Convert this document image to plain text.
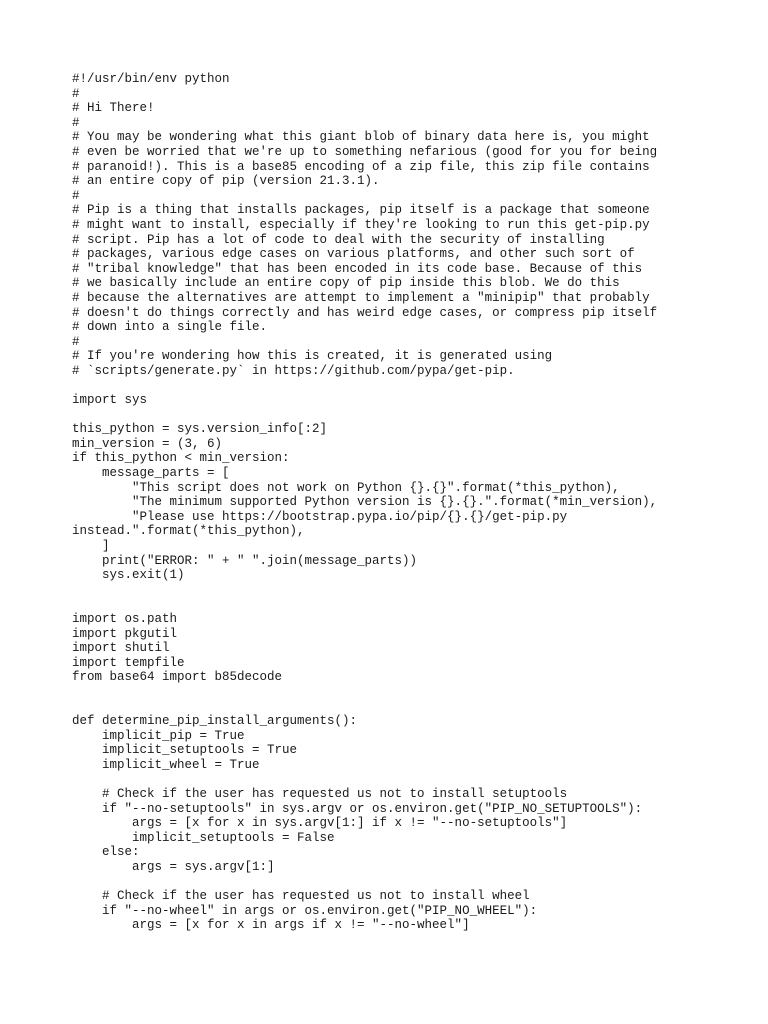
#!/usr/bin/env python
#
# Hi There!
#
# You may be wondering what this giant blob of binary data here is, you might
# even be worried that we're up to something nefarious (good for you for being
# paranoid!). This is a base85 encoding of a zip file, this zip file contains
# an entire copy of pip (version 21.3.1).
#
# Pip is a thing that installs packages, pip itself is a package that someone
# might want to install, especially if they're looking to run this get-pip.py
# script. Pip has a lot of code to deal with the security of installing
# packages, various edge cases on various platforms, and other such sort of
# "tribal knowledge" that has been encoded in its code base. Because of this
# we basically include an entire copy of pip inside this blob. We do this
# because the alternatives are attempt to implement a "minipip" that probably
# doesn't do things correctly and has weird edge cases, or compress pip itself
# down into a single file.
#
# If you're wondering how this is created, it is generated using
# `scripts/generate.py` in https://github.com/pypa/get-pip.
import sys
this_python = sys.version_info[:2]
min_version = (3, 6)
if this_python < min_version:
message_parts = [
"This script does not work on Python {}.{}".format(*this_python),
"The minimum supported Python version is {}.{}.".format(*min_version),
"Please use https://bootstrap.pypa.io/pip/{}.{}/get-pip.py
instead.".format(*this_python),
]
print("ERROR: " + " ".join(message_parts))
sys.exit(1)
import os.path
import pkgutil
import shutil
import tempfile
from base64 import b85decode
def determine_pip_install_arguments():
implicit_pip = True
implicit_setuptools = True
implicit_wheel = True
# Check if the user has requested us not to install setuptools
if "--no-setuptools" in sys.argv or os.environ.get("PIP_NO_SETUPTOOLS"):
args = [x for x in sys.argv[1:] if x != "--no-setuptools"]
implicit_setuptools = False
else:
args = sys.argv[1:]
# Check if the user has requested us not to install wheel
if "--no-wheel" in args or os.environ.get("PIP_NO_WHEEL"):
args = [x for x in args if x != "--no-wheel"]
